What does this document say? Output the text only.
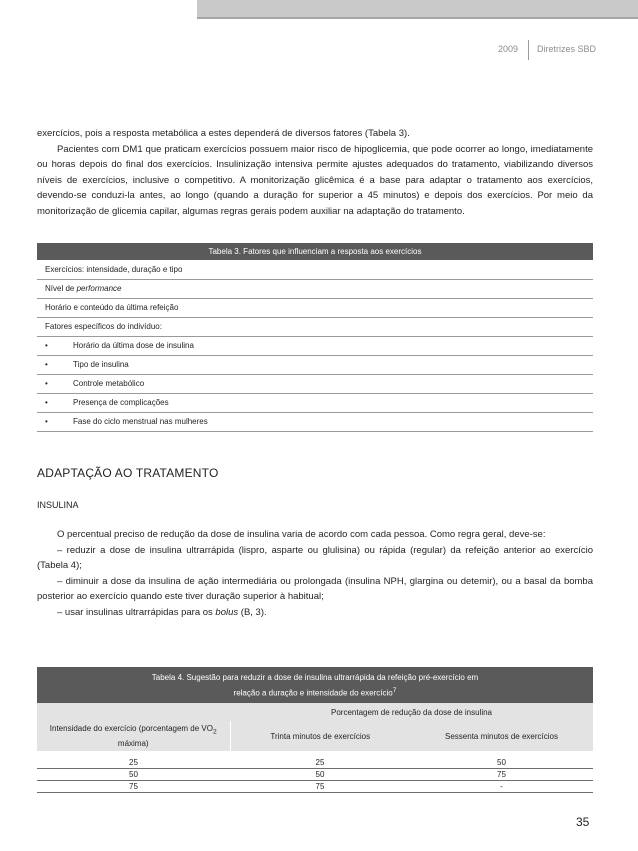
2009 Diretrizes SBD

exercícios, pois a resposta metabólica a estes dependerá de diversos fatores (Tabela 3).

Pacientes com DM1 que praticam exercícios possuem maior risco de hipoglicemia, que pode ocorrer ao longo, imediatamente ou horas depois do final dos exercícios. Insulinização intensiva permite ajustes adequados do tratamento, viabilizando diversos níveis de exercícios, inclusive o competitivo. A monitorização glicêmica é a base para adaptar o tratamento aos exercícios, devendo-se conduzi-la antes, ao longo (quando a duração for superior a 45 minutos) e depois dos exercícios. Por meio da monitorização de glicemia capilar, algumas regras gerais podem auxiliar na adaptação do tratamento.

Tabela 3. Fatores que influenciam a resposta aos exercícios	
Exercícios: intensidade, duração e tipo	
Nível de performance	
Horário e conteúdo da última refeição	
Fatores específicos do indivíduo:	
•	Horário da última dose de insulina
•	Tipo de insulina
•	Controle metabólico
•	Presença de complicações
•	Fase do ciclo menstrual nas mulheres
ADAPTAÇÃO AO TRATAMENTO
INSULINA

O percentual preciso de redução da dose de insulina varia de acordo com cada pessoa. Como regra geral, deve-se:

– reduzir a dose de insulina ultrarrápida (lispro, asparte ou glulisina) ou rápida (regular) da refeição anterior ao exercício (Tabela 4);

– diminuir a dose da insulina de ação intermediária ou prolongada (insulina NPH, glargina ou detemir), ou a basal da bomba posterior ao exercício quando este tiver duração superior à habitual;

– usar insulinas ultrarrápidas para os bolus (B, 3).

Tabela 4. Sugestão para reduzir a dose de insulina ultrarrápida da refeição pré-exercício em
relação a duração e intensidade do exercício$^7$
	Porcentagem de redução da dose de insulina	
Intensidade do exercício (porcentagem de $VO_2$
máxima)	Trinta minutos de exercícios	Sessenta minutos de exercícios

25	25	50
50	50	75
75	75	-
35
